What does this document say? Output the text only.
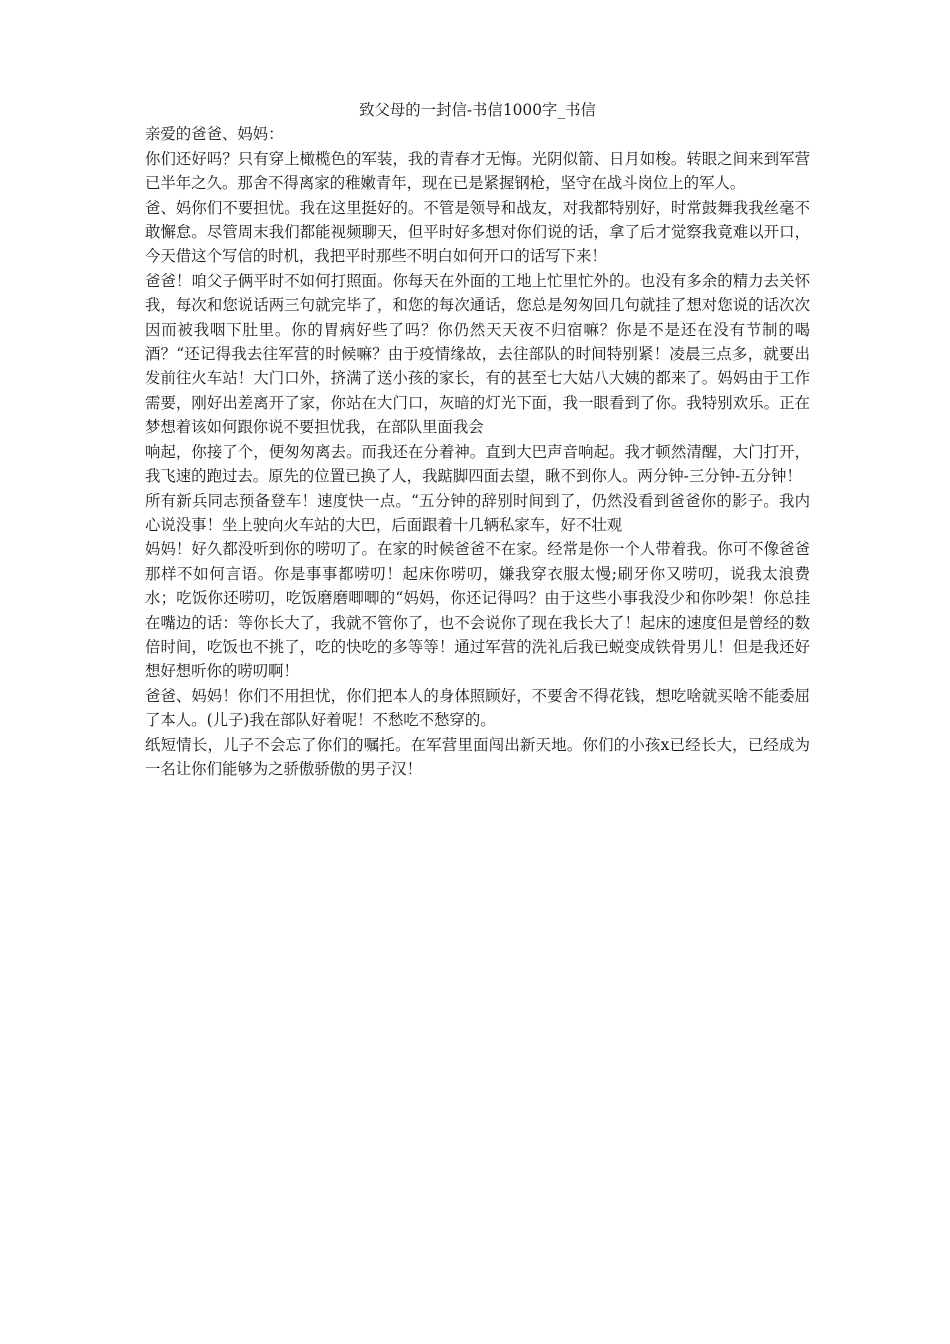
致父母的一封信-书信1000字_书信

亲爱的爸爸、妈妈：

你们还好吗？只有穿上橄榄色的军装，我的青春才无悔。光阴似箭、日月如梭。转眼之间来到军营已半年之久。那舍不得离家的稚嫩青年，现在已是紧握钢枪，坚守在战斗岗位上的军人。

爸、妈你们不要担忧。我在这里挺好的。不管是领导和战友，对我都特别好，时常鼓舞我我丝毫不敢懈怠。尽管周末我们都能视频聊天，但平时好多想对你们说的话，拿了后才觉察我竟难以开口，今天借这个写信的时机，我把平时那些不明白如何开口的话写下来！

爸爸！咱父子俩平时不如何打照面。你每天在外面的工地上忙里忙外的。也没有多余的精力去关怀我，每次和您说话两三句就完毕了，和您的每次通话，您总是匆匆回几句就挂了想对您说的话次次因而被我咽下肚里。你的胃病好些了吗？你仍然天天夜不归宿嘛？你是不是还在没有节制的喝酒？“还记得我去往军营的时候嘛？由于疫情缘故，去往部队的时间特别紧！凌晨三点多，就要出发前往火车站！大门口外，挤满了送小孩的家长，有的甚至七大姑八大姨的都来了。妈妈由于工作需要，刚好出差离开了家，你站在大门口，灰暗的灯光下面，我一眼看到了你。我特别欢乐。正在梦想着该如何跟你说不要担忧我，在部队里面我会

响起，你接了个，便匆匆离去。而我还在分着神。直到大巴声音响起。我才顿然清醒，大门打开，我飞速的跑过去。原先的位置已换了人，我踮脚四面去望，瞅不到你人。两分钟-三分钟-五分钟！

所有新兵同志预备登车！速度快一点。“五分钟的辞别时间到了，仍然没看到爸爸你的影子。我内心说没事！坐上驶向火车站的大巴，后面跟着十几辆私家车，好不壮观

妈妈！好久都没听到你的唠叨了。在家的时候爸爸不在家。经常是你一个人带着我。你可不像爸爸那样不如何言语。你是事事都唠叨！起床你唠叨，嫌我穿衣服太慢;刷牙你又唠叨，说我太浪费水；吃饭你还唠叨，吃饭磨磨唧唧的“妈妈，你还记得吗？由于这些小事我没少和你吵架！你总挂在嘴边的话：等你长大了，我就不管你了，也不会说你了现在我长大了！起床的速度但是曾经的数倍时间，吃饭也不挑了，吃的快吃的多等等！通过军营的洗礼后我已蜕变成铁骨男儿！但是我还好想好想听你的唠叨啊！

爸爸、妈妈！你们不用担忧，你们把本人的身体照顾好，不要舍不得花钱，想吃啥就买啥不能委屈了本人。(儿子)我在部队好着呢！不愁吃不愁穿的。

纸短情长，儿子不会忘了你们的嘱托。在军营里面闯出新天地。你们的小孩x已经长大，已经成为一名让你们能够为之骄傲骄傲的男子汉！
